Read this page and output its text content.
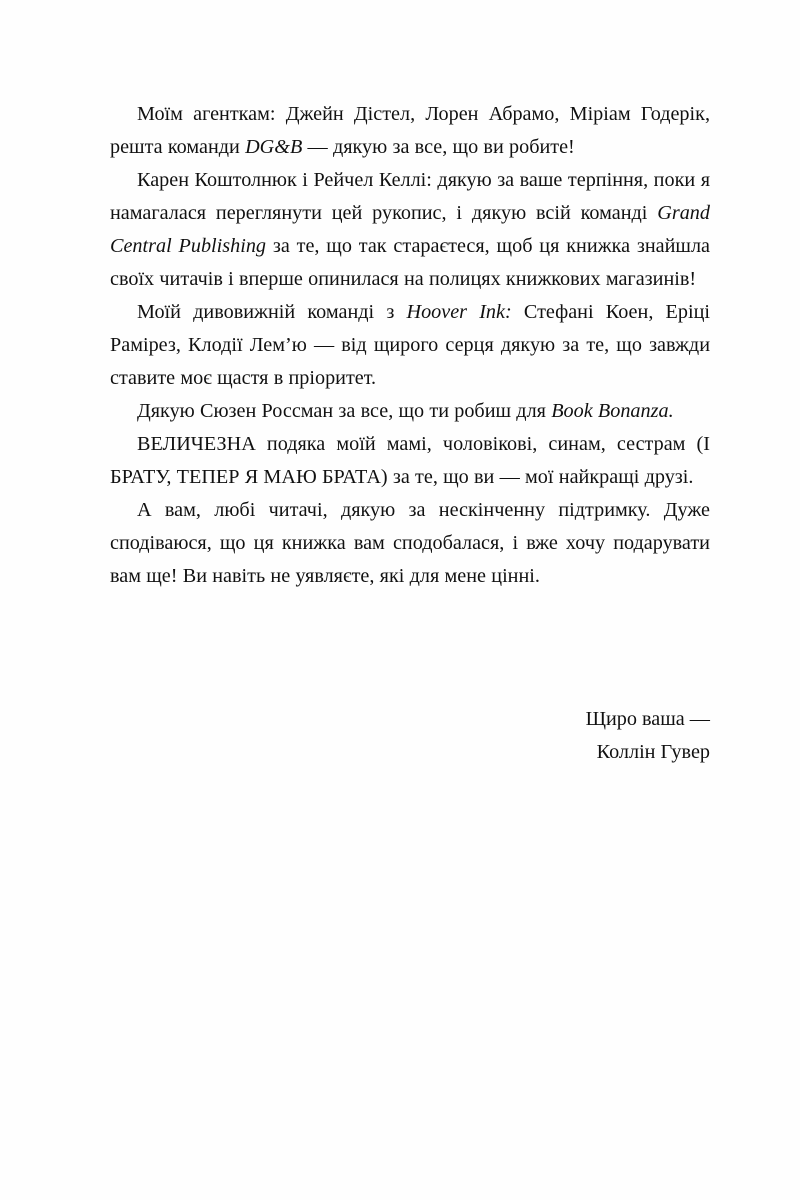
Моїм агенткам: Джейн Дістел, Лорен Абрамо, Міріам Годерік, решта команди DG&B — дякую за все, що ви робите!

Карен Коштолнюк і Рейчел Келлі: дякую за ваше терпіння, поки я намагалася переглянути цей рукопис, і дякую всій команді Grand Central Publishing за те, що так стараєтеся, щоб ця книжка знайшла своїх читачів і вперше опинилася на полицях книжкових магазинів!

Моїй дивовижній команді з Hoover Ink: Стефані Коен, Еріці Рамірез, Клодії Лем’ю — від щирого серця дякую за те, що завжди ставите моє щастя в пріоритет.

Дякую Сюзен Россман за все, що ти робиш для Book Bonanza.

ВЕЛИЧЕЗНА подяка моїй мамі, чоловікові, синам, сестрам (І БРАТУ, ТЕПЕР Я МАЮ БРАТА) за те, що ви — мої найкращі друзі.

А вам, любі читачі, дякую за нескінченну підтримку. Дуже сподіваюся, що ця книжка вам сподобалася, і вже хочу подарувати вам ще! Ви навіть не уявляєте, які для мене цінні.

Щиро ваша —
Коллін Гувер
